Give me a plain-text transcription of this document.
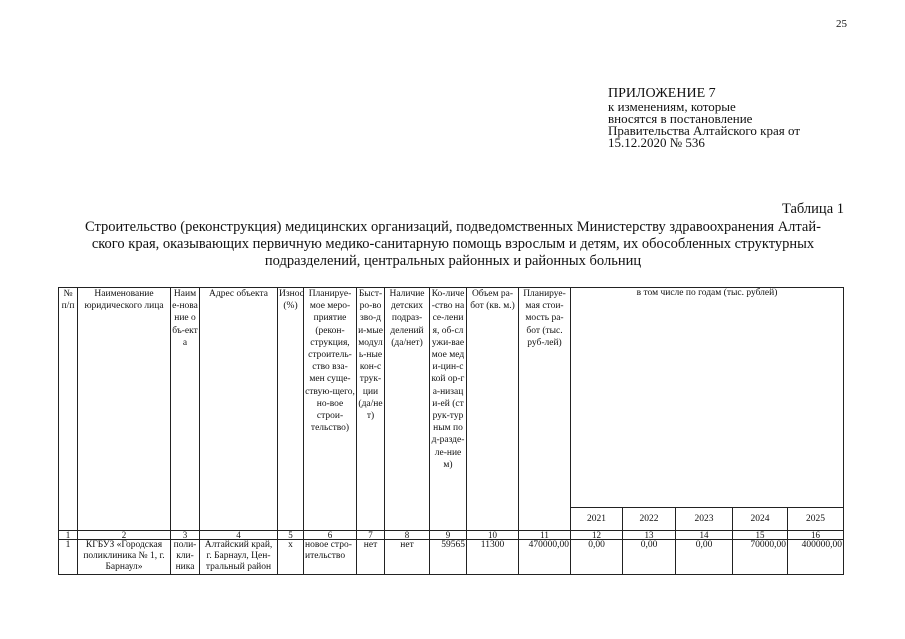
25
ПРИЛОЖЕНИЕ 7
к изменениям, которые
вносятся в постановление
Правительства Алтайского края от
15.12.2020 № 536
Таблица 1
Строительство (реконструкция) медицинских организаций, подведомственных Министерству здравоохранения Алтай-
ского края, оказывающих первичную медико-санитарную помощь взрослым и детям, их обособленных структурных
подразделений, центральных районных и районных больниц
№ п/п	Наименование юридического лица	Наиме-нование объ-екта	Адрес объекта	Износ (%)	Планируе-мое меро-приятие (рекон-струкция, строитель-ство вза-мен суще-ствую-щего, но-вое строи-тельство)	Быст-ро-возво-ди-мые модуль-ные кон-струк-ции (да/не т)	Наличие детских подраз-делений (да/нет)	Ко-личе-ство насе-ления, об-служи-ваемое меди-цин-ской ор-га-низаци-ей (струк-турным под-разде-ле-нием)	Объем ра-бот (кв. м.)	Планируе-мая стои-мость ра-бот (тыс. руб-лей)	в том числе по годам (тыс. рублей)				
											2021	2022	2023	2024	2025
1	2	3	4	5	6	7	8	9	10	11	12	13	14	15	16
1	КГБУЗ «Городская поликлиника № 1, г. Барнаул»	поли-кли-ника	Алтайский край, г. Барнаул, Цен-тральный район	x	новое стро-ительство	нет	нет	59565	11300	470000,00	0,00	0,00	0,00	70000,00	400000,00
